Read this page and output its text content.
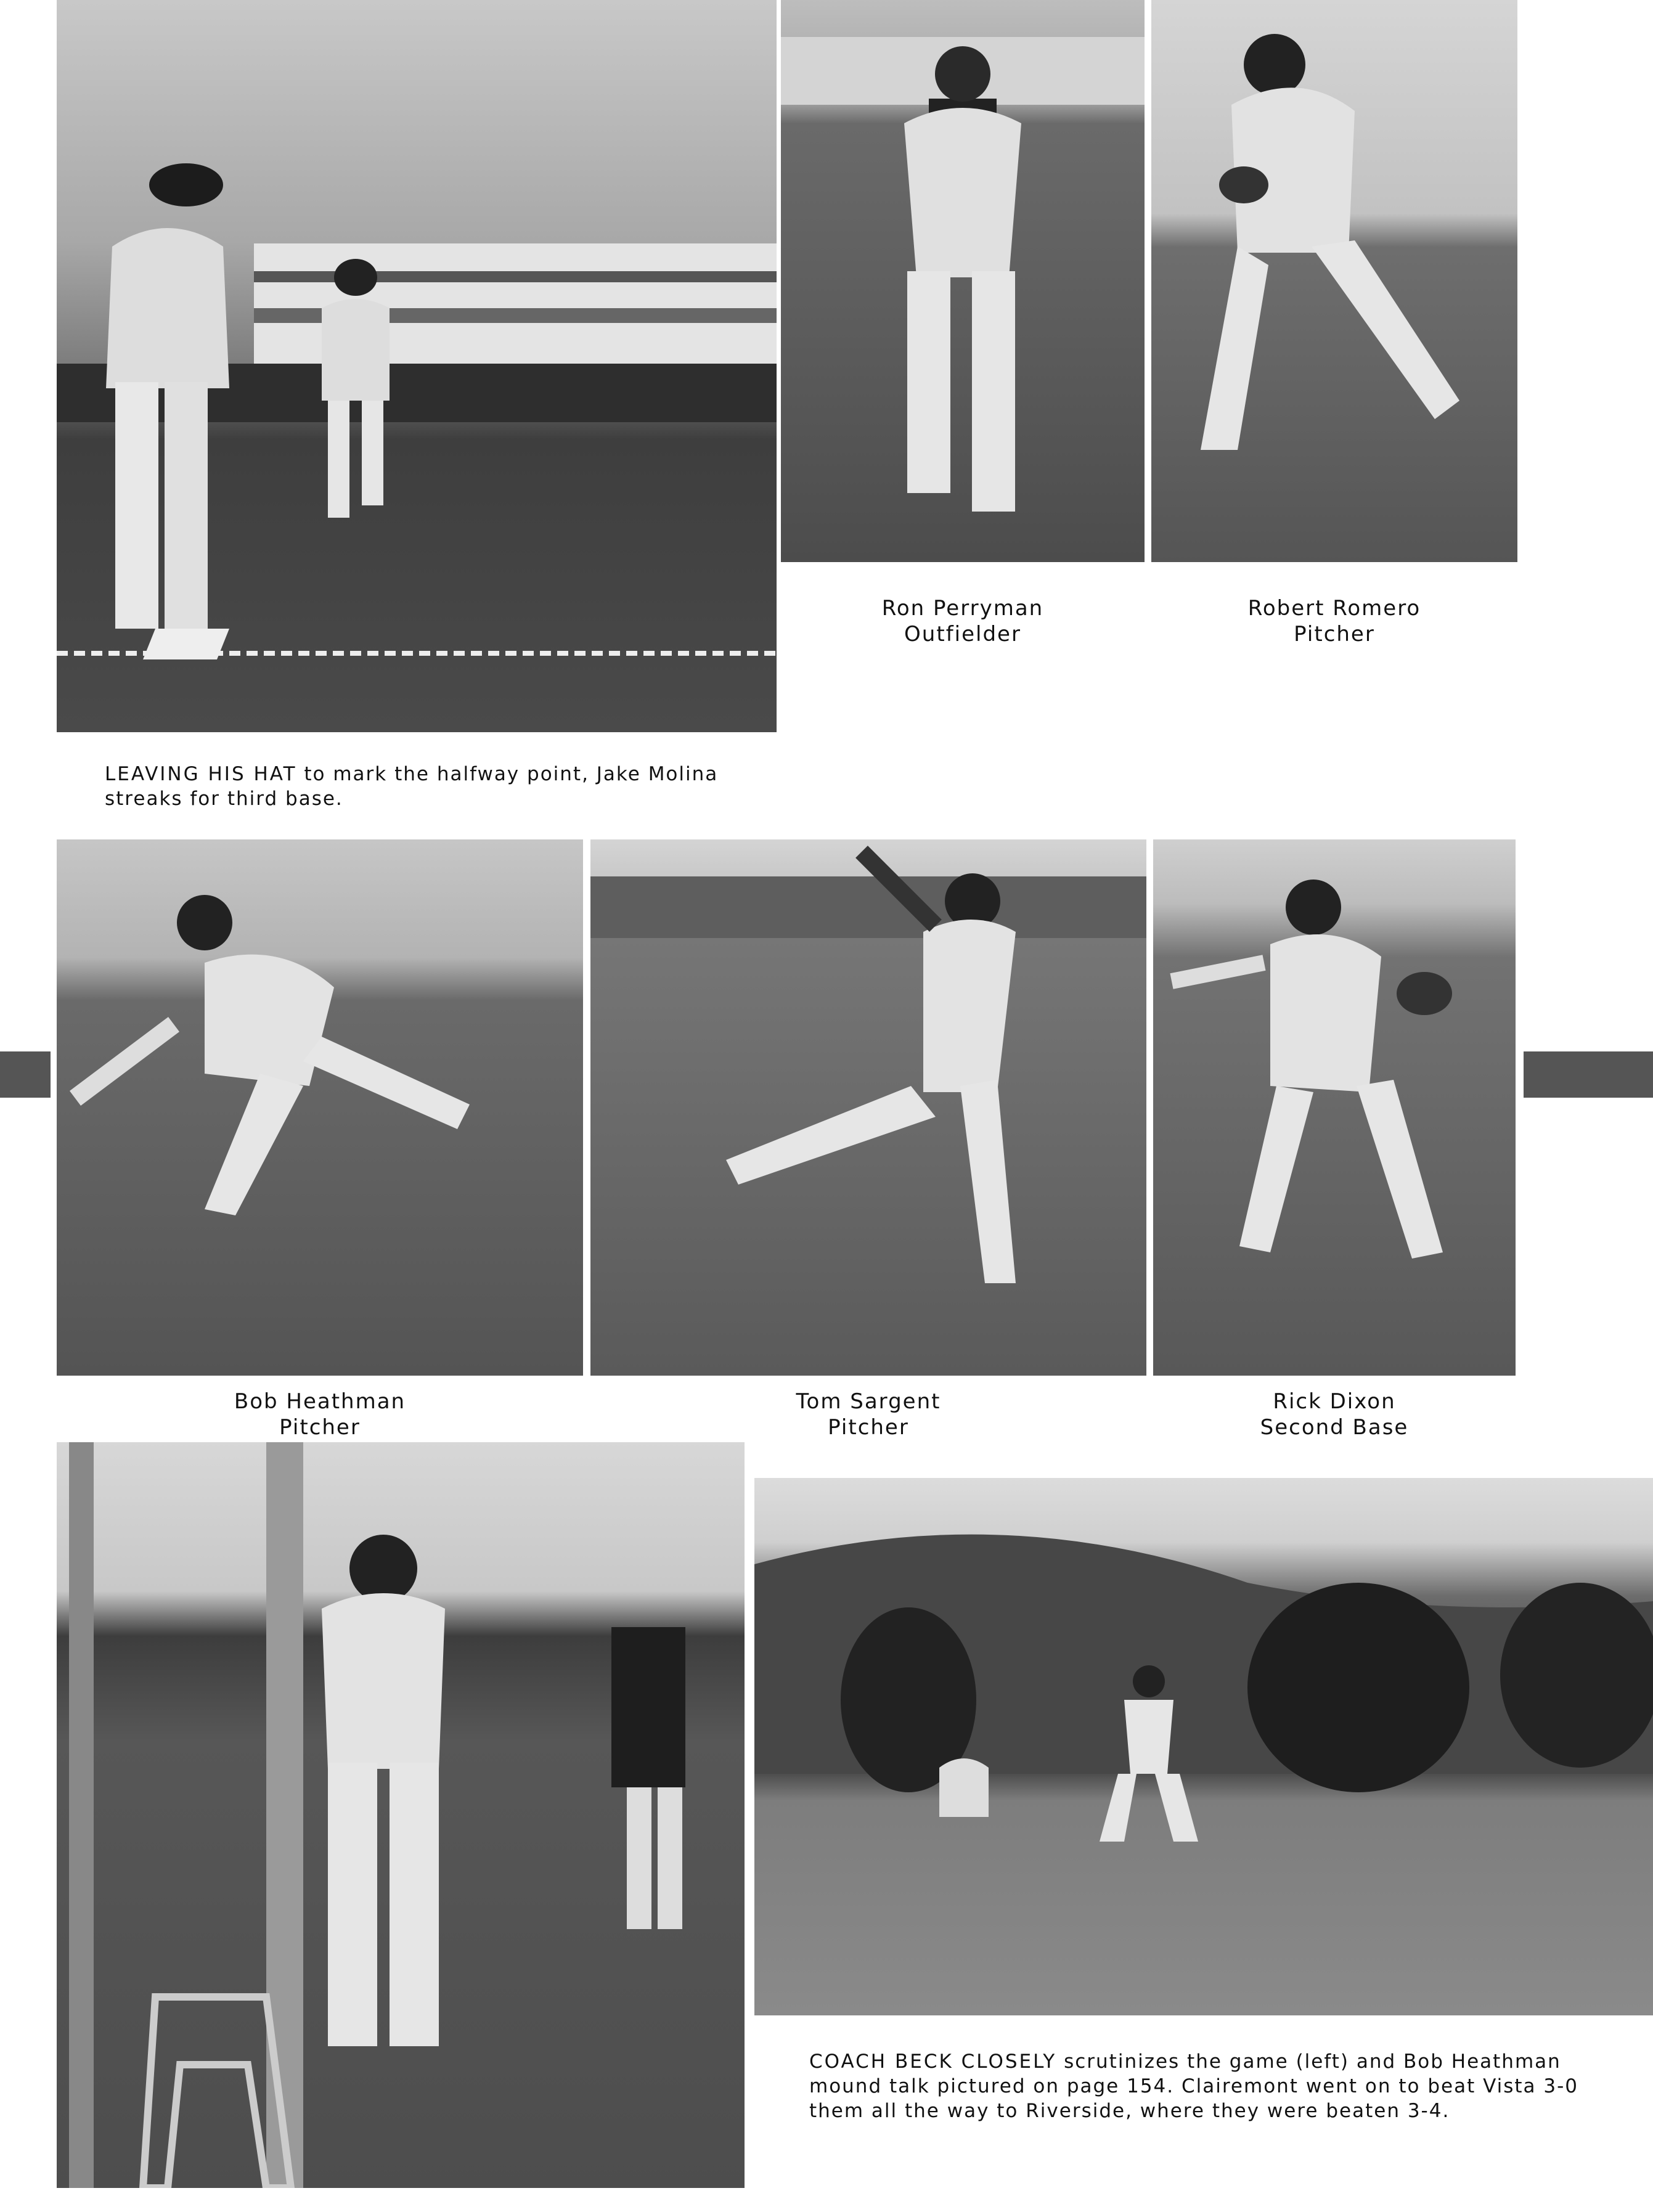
Ron Perryman
Outfielder
Robert Romero
Pitcher
LEAVING HIS HAT to mark the halfway point, Jake Molina
streaks for third base.
Bob Heathman
Pitcher
Tom Sargent
Pitcher
Rick Dixon
Second Base
COACH BECK CLOSELY scrutinizes the game (left) and Bob Heathman
mound talk pictured on page 154. Clairemont went on to beat Vista 3-0
them all the way to Riverside, where they were beaten 3-4.
